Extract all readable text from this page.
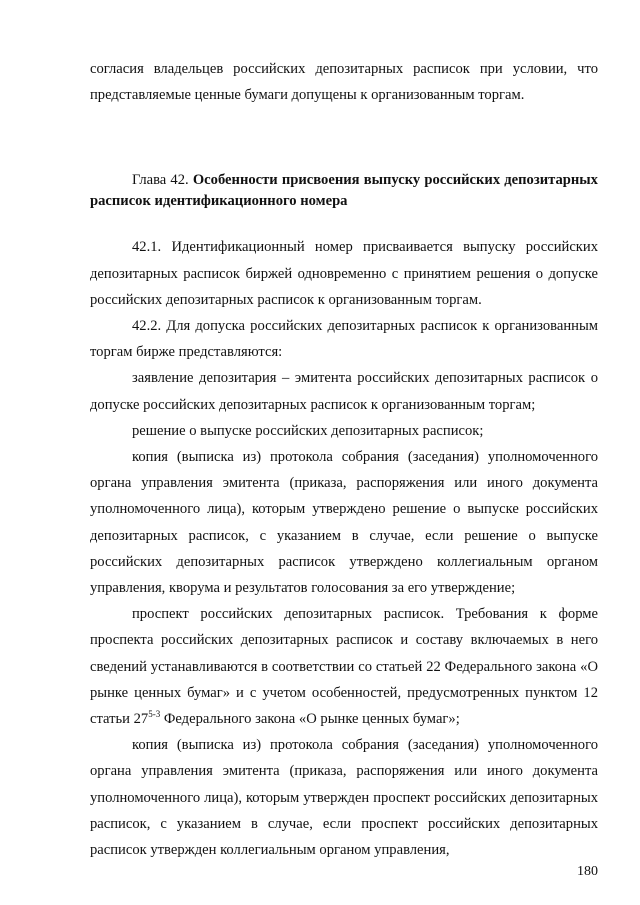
согласия владельцев российских депозитарных расписок при условии, что представляемые ценные бумаги допущены к организованным торгам.

Глава 42. Особенности присвоения выпуску российских депозитарных расписок идентификационного номера

42.1. Идентификационный номер присваивается выпуску российских депозитарных расписок биржей одновременно с принятием решения о допуске российских депозитарных расписок к организованным торгам.

42.2. Для допуска российских депозитарных расписок к организованным торгам бирже представляются:

заявление депозитария – эмитента российских депозитарных расписок о допуске российских депозитарных расписок к организованным торгам;

решение о выпуске российских депозитарных расписок;

копия (выписка из) протокола собрания (заседания) уполномоченного органа управления эмитента (приказа, распоряжения или иного документа уполномоченного лица), которым утверждено решение о выпуске российских депозитарных расписок, с указанием в случае, если решение о выпуске российских депозитарных расписок утверждено коллегиальным органом управления, кворума и результатов голосования за его утверждение;

проспект российских депозитарных расписок. Требования к форме проспекта российских депозитарных расписок и составу включаемых в него сведений устанавливаются в соответствии со статьей 22 Федерального закона «О рынке ценных бумаг» и с учетом особенностей, предусмотренных пунктом 12 статьи 27$^{5-3}$ Федерального закона «О рынке ценных бумаг»;

копия (выписка из) протокола собрания (заседания) уполномоченного органа управления эмитента (приказа, распоряжения или иного документа уполномоченного лица), которым утвержден проспект российских депозитарных расписок, с указанием в случае, если проспект российских депозитарных расписок утвержден коллегиальным органом управления,

180
